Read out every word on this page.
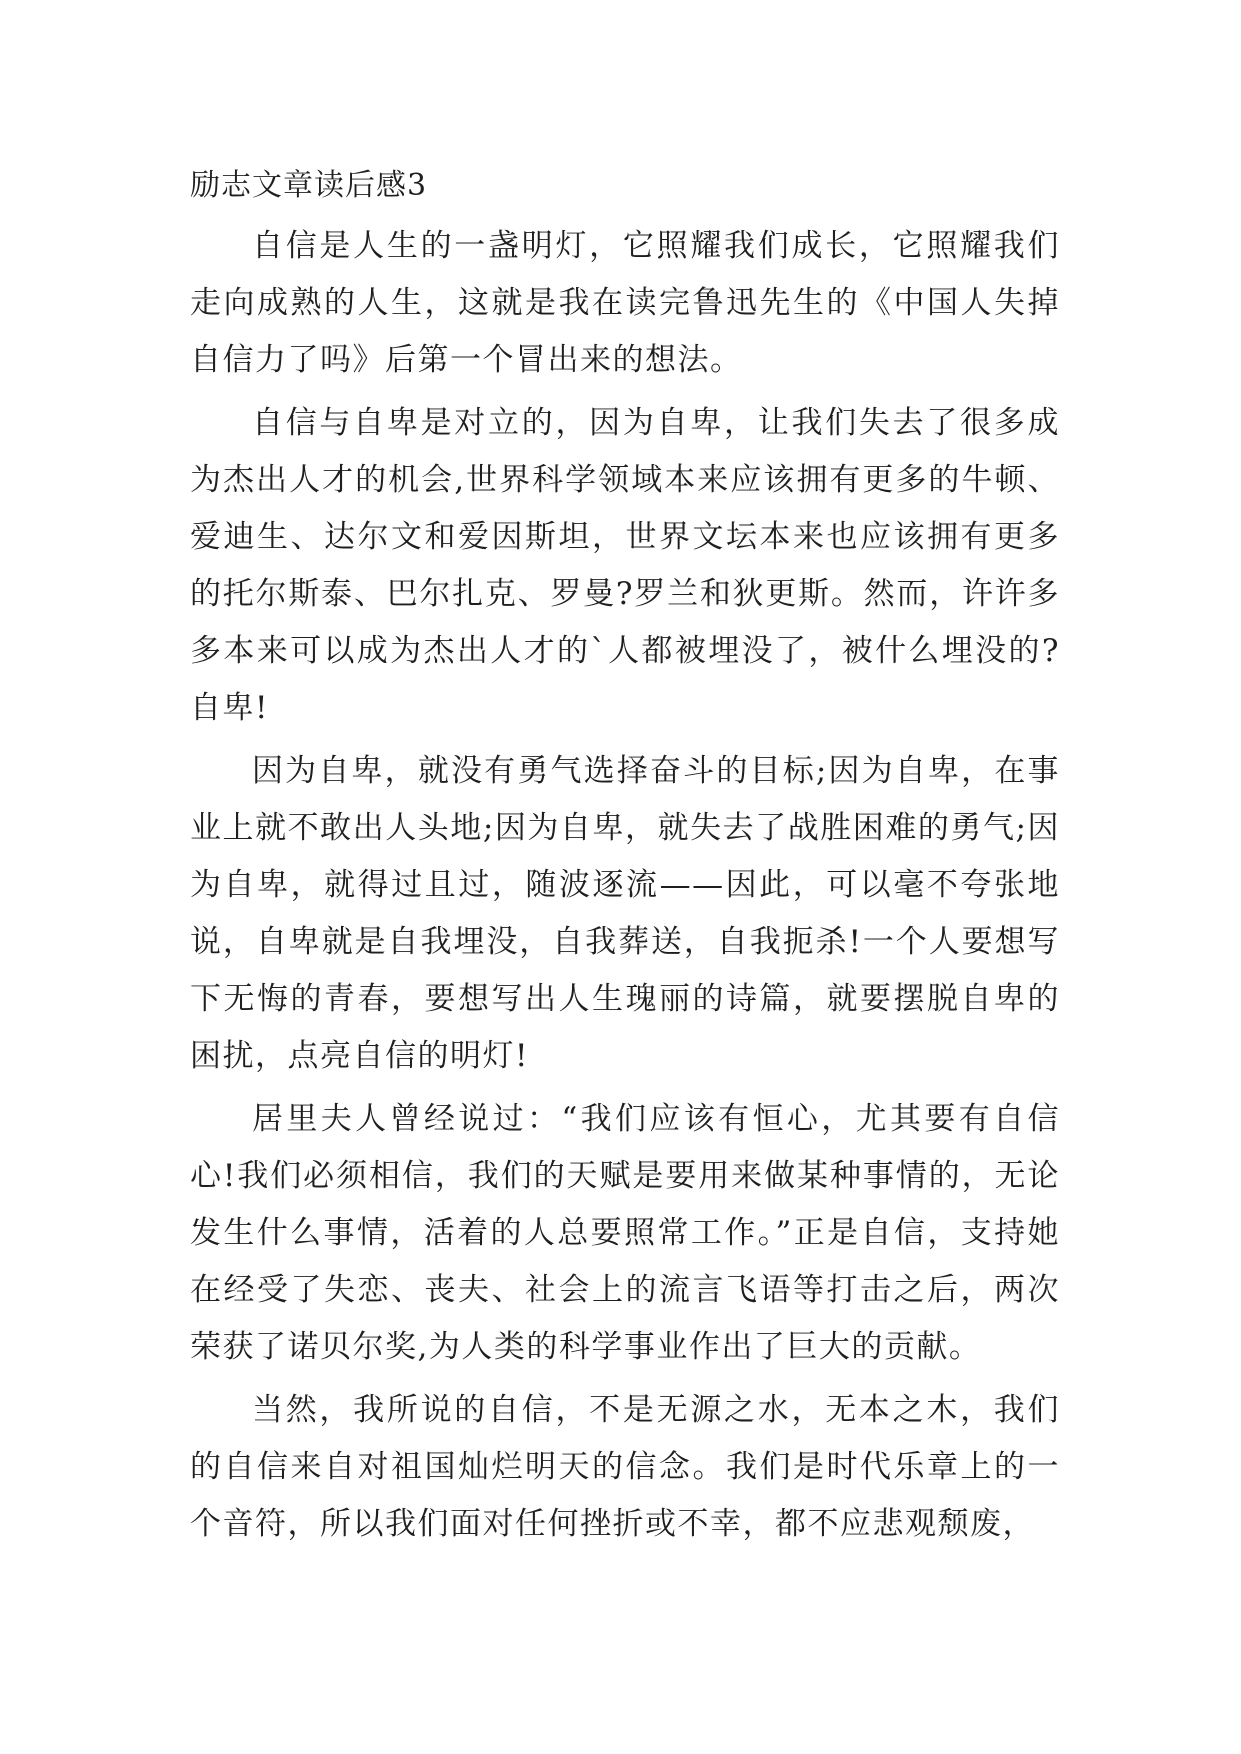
励志文章读后感3

自信是人生的一盏明灯，它照耀我们成长，它照耀我们走向成熟的人生，这就是我在读完鲁迅先生的《中国人失掉自信力了吗》后第一个冒出来的想法。

自信与自卑是对立的，因为自卑，让我们失去了很多成为杰出人才的机会,世界科学领域本来应该拥有更多的牛顿、爱迪生、达尔文和爱因斯坦，世界文坛本来也应该拥有更多的托尔斯泰、巴尔扎克、罗曼?罗兰和狄更斯。然而，许许多多本来可以成为杰出人才的`人都被埋没了，被什么埋没的?自卑!

因为自卑，就没有勇气选择奋斗的目标;因为自卑，在事业上就不敢出人头地;因为自卑，就失去了战胜困难的勇气;因为自卑，就得过且过，随波逐流——因此，可以毫不夸张地说，自卑就是自我埋没，自我葬送，自我扼杀!一个人要想写下无悔的青春，要想写出人生瑰丽的诗篇，就要摆脱自卑的困扰，点亮自信的明灯!

居里夫人曾经说过：“我们应该有恒心，尤其要有自信心!我们必须相信，我们的天赋是要用来做某种事情的，无论发生什么事情，活着的人总要照常工作。”正是自信，支持她在经受了失恋、丧夫、社会上的流言飞语等打击之后，两次荣获了诺贝尔奖,为人类的科学事业作出了巨大的贡献。

当然，我所说的自信，不是无源之水，无本之木，我们的自信来自对祖国灿烂明天的信念。我们是时代乐章上的一个音符，所以我们面对任何挫折或不幸，都不应悲观颓废，
